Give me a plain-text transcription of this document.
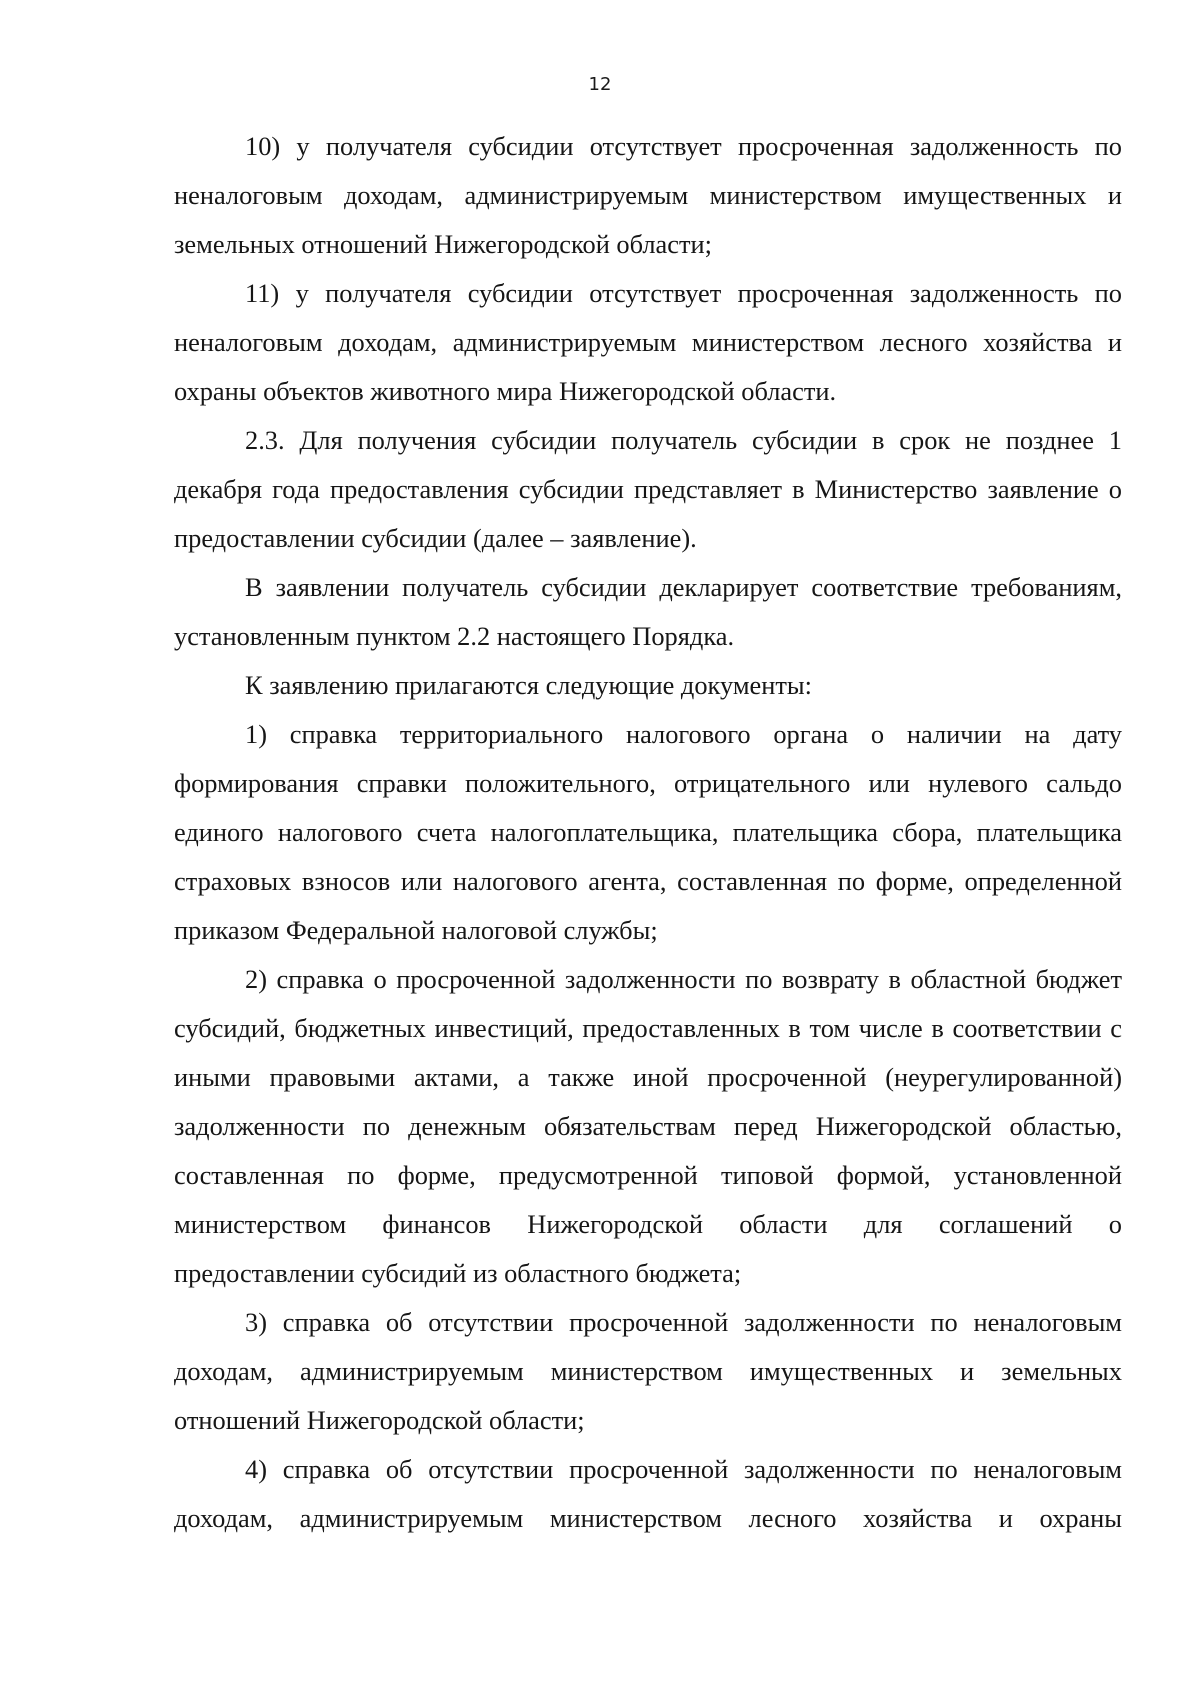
12

10) у получателя субсидии отсутствует просроченная задолженность по неналоговым доходам, администрируемым министерством имущественных и земельных отношений Нижегородской области;

11) у получателя субсидии отсутствует просроченная задолженность по неналоговым доходам, администрируемым министерством лесного хозяйства и охраны объектов животного мира Нижегородской области.

2.3. Для получения субсидии получатель субсидии в срок не позднее 1 декабря года предоставления субсидии представляет в Министерство заявление о предоставлении субсидии (далее – заявление).

В заявлении получатель субсидии декларирует соответствие требованиям, установленным пунктом 2.2 настоящего Порядка.

К заявлению прилагаются следующие документы:

1) справка территориального налогового органа о наличии на дату формирования справки положительного, отрицательного или нулевого сальдо единого налогового счета налогоплательщика, плательщика сбора, плательщика страховых взносов или налогового агента, составленная по форме, определенной приказом Федеральной налоговой службы;

2) справка о просроченной задолженности по возврату в областной бюджет субсидий, бюджетных инвестиций, предоставленных в том числе в соответствии с иными правовыми актами, а также иной просроченной (неурегулированной) задолженности по денежным обязательствам перед Нижегородской областью, составленная по форме, предусмотренной типовой формой, установленной министерством финансов Нижегородской области для соглашений о предоставлении субсидий из областного бюджета;

3) справка об отсутствии просроченной задолженности по неналоговым доходам, администрируемым министерством имущественных и земельных отношений Нижегородской области;

4) справка об отсутствии просроченной задолженности по неналоговым доходам, администрируемым министерством лесного хозяйства и охраны
